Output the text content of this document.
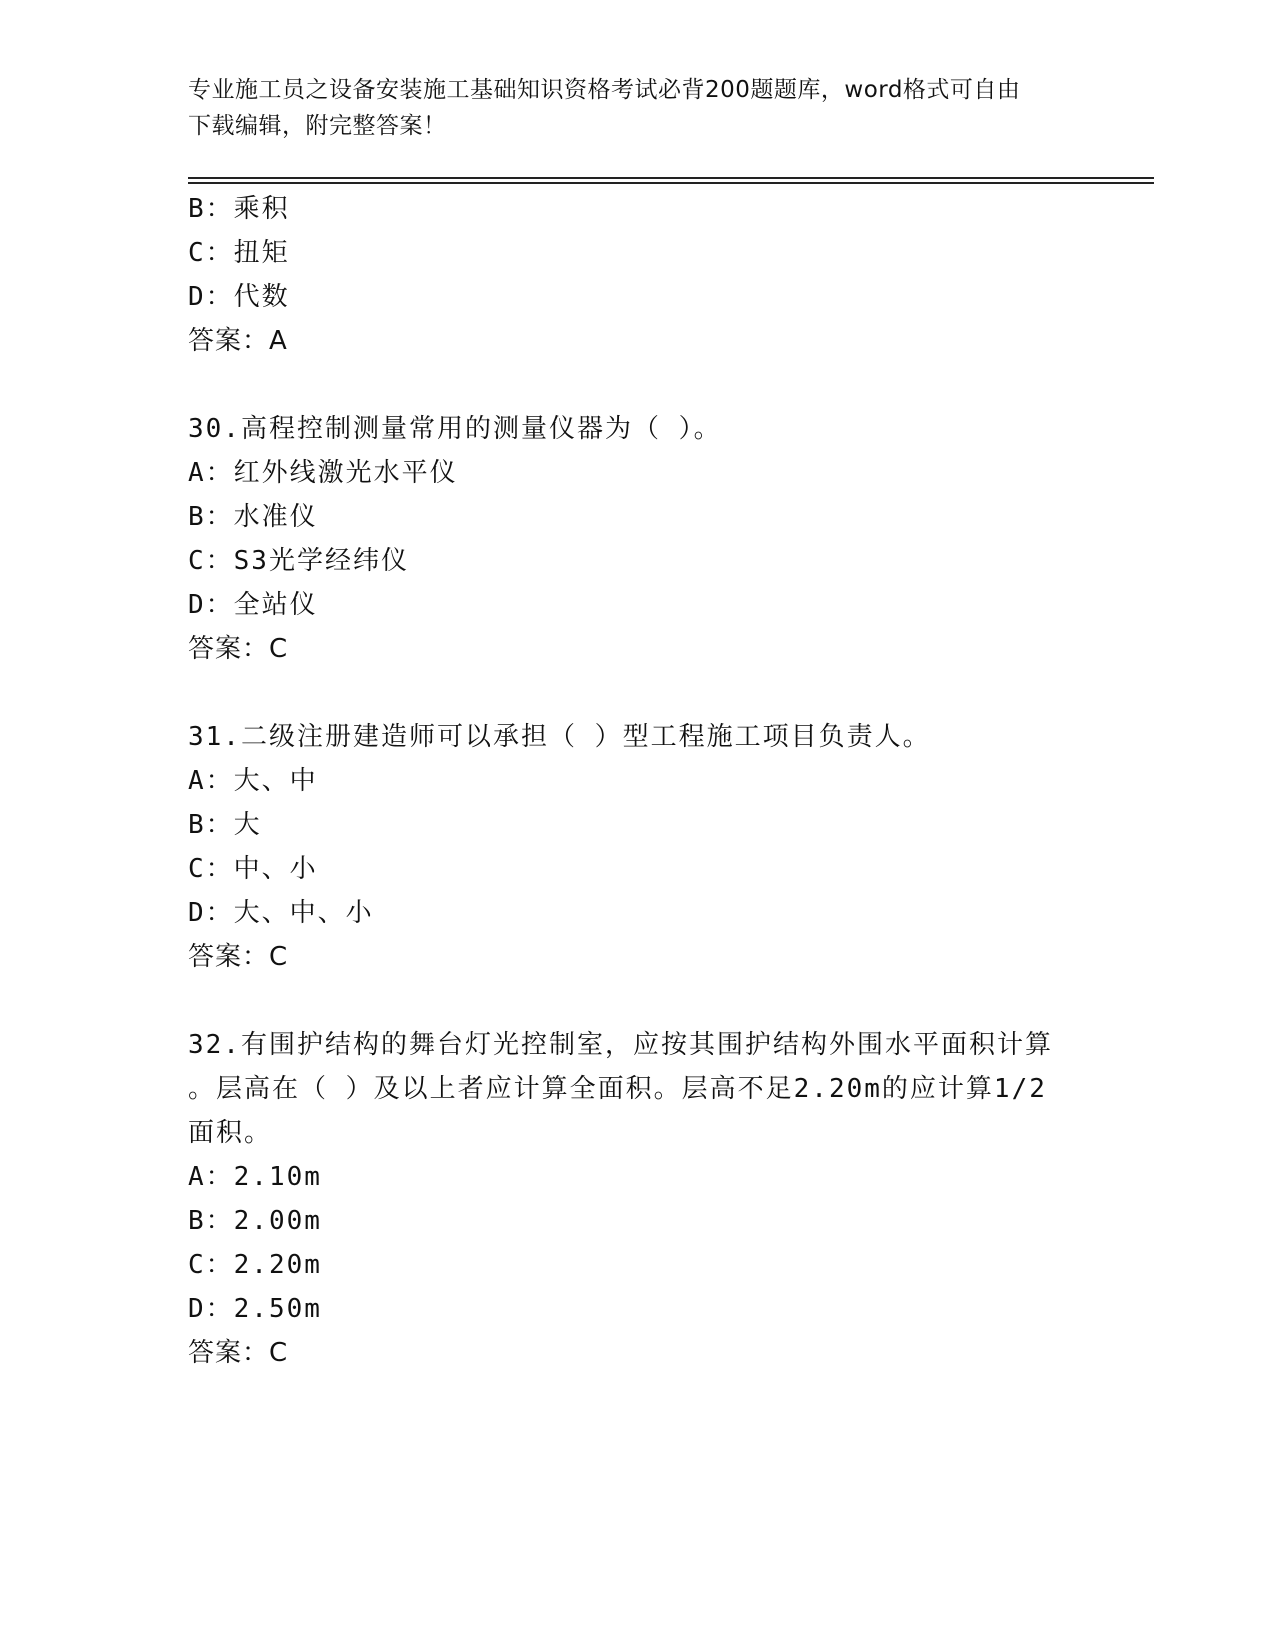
专业施工员之设备安装施工基础知识资格考试必背200题题库，word格式可自由
下载编辑，附完整答案！
B：乘积
C：扭矩
D：代数
答案：A
30.高程控制测量常用的测量仪器为（ ）。
A：红外线激光水平仪
B：水准仪
C：S3光学经纬仪
D：全站仪
答案：C
31.二级注册建造师可以承担（ ）型工程施工项目负责人。
A：大、中
B：大
C：中、小
D：大、中、小
答案：C
32.有围护结构的舞台灯光控制室，应按其围护结构外围水平面积计算
。层高在（ ）及以上者应计算全面积。层高不足2.20m的应计算1/2
面积。
A：2.10m
B：2.00m
C：2.20m
D：2.50m
答案：C
